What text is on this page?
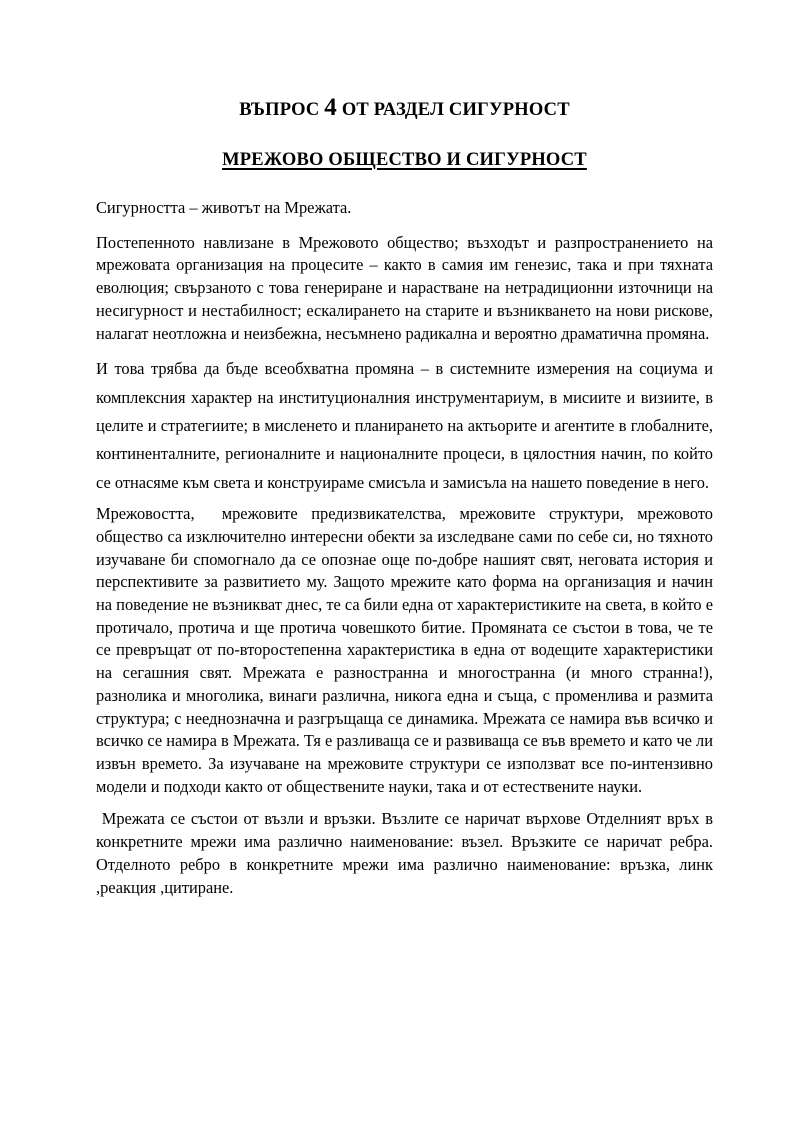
ВЪПРОС 4 ОТ РАЗДЕЛ СИГУРНОСТ
МРЕЖОВО ОБЩЕСТВО И СИГУРНОСТ

Сигурността – животът на Мрежата.

Постепенното навлизане в Мрежовото общество; възходът и разпространението на мрежовата организация на процесите – както в самия им генезис, така и при тяхната еволюция; свързаното с това генериране и нарастване на нетрадиционни източници на несигурност и нестабилност; ескалирането на старите и възникването на нови рискове, налагат неотложна и неизбежна, несъмнено радикална и вероятно драматична промяна.

И това трябва да бъде всеобхватна промяна – в системните измерения на социума и комплексния характер на институционалния инструментариум, в мисиите и визиите, в целите и стратегиите; в мисленето и планирането на актьорите и агентите в глобалните, континенталните, регионалните и националните процеси, в цялостния начин, по който се отнасяме към света и конструираме смисъла и замисъла на нашето поведение в него.

Мрежовостта,  мрежовите предизвикателства, мрежовите структури, мрежовото общество са изключително интересни обекти за изследване сами по себе си, но тяхното изучаване би спомогнало да се опознае още по-добре нашият свят, неговата история и перспективите за развитието му. Защото мрежите като форма на организация и начин на поведение не възникват днес, те са били една от характеристиките на света, в който е протичало, протича и ще протича човешкото битие. Промяната се състои в това, че те се превръщат от по-второстепенна характеристика в една от водещите характеристики на сегашния свят. Мрежата е разностранна и многостранна (и много странна!), разнолика и многолика, винаги различна, никога една и съща, с променлива и размита структура; с нееднозначна и разгръщаща се динамика. Мрежата се намира във всичко и всичко се намира в Мрежата. Тя е разливаща се и развиваща се във времето и като че ли извън времето. За изучаване на мрежовите структури се използват все по-интензивно модели и подходи както от обществените науки, така и от естествените науки.

Мрежата се състои от възли и връзки. Възлите се наричат върхове Отделният връх в конкретните мрежи има различно наименование: възел. Връзките се наричат ребра. Отделното ребро в конкретните мрежи има различно наименование: връзка, линк ,реакция ,цитиране.
